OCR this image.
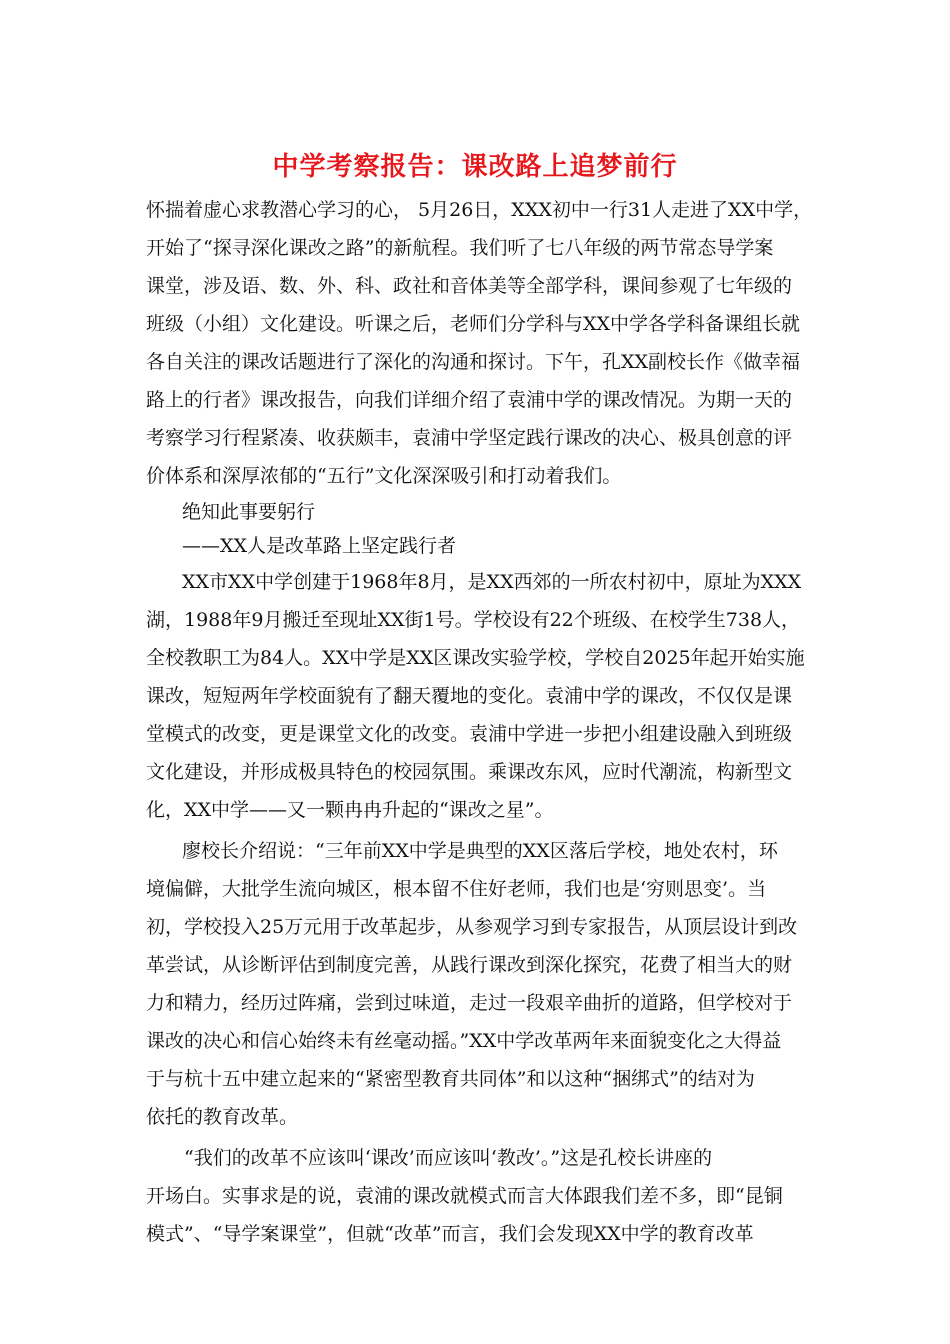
中学考察报告：课改路上追梦前行
怀揣着虚心求教潜心学习的心， 5月26日，XXX初中一行31人走进了XX中学，
开始了“探寻深化课改之路”的新航程。我们听了七八年级的两节常态导学案
课堂，涉及语、数、外、科、政社和音体美等全部学科，课间参观了七年级的
班级（小组）文化建设。听课之后，老师们分学科与XX中学各学科备课组长就
各自关注的课改话题进行了深化的沟通和探讨。下午，孔XX副校长作《做幸福
路上的行者》课改报告，向我们详细介绍了袁浦中学的课改情况。为期一天的
考察学习行程紧凑、收获颇丰，袁浦中学坚定践行课改的决心、极具创意的评
价体系和深厚浓郁的“五行”文化深深吸引和打动着我们。
绝知此事要躬行
——XX人是改革路上坚定践行者
XX市XX中学创建于1968年8月，是XX西郊的一所农村初中，原址为XXX
湖，1988年9月搬迁至现址XX街1号。学校设有22个班级、在校学生738人，
全校教职工为84人。XX中学是XX区课改实验学校，学校自2025年起开始实施
课改，短短两年学校面貌有了翻天覆地的变化。袁浦中学的课改，不仅仅是课
堂模式的改变，更是课堂文化的改变。袁浦中学进一步把小组建设融入到班级
文化建设，并形成极具特色的校园氛围。乘课改东风，应时代潮流，构新型文
化，XX中学——又一颗冉冉升起的“课改之星”。
廖校长介绍说：“三年前XX中学是典型的XX区落后学校，地处农村，环
境偏僻，大批学生流向城区，根本留不住好老师，我们也是‘穷则思变’。当
初，学校投入25万元用于改革起步，从参观学习到专家报告，从顶层设计到改
革尝试，从诊断评估到制度完善，从践行课改到深化探究，花费了相当大的财
力和精力，经历过阵痛，尝到过味道，走过一段艰辛曲折的道路，但学校对于
课改的决心和信心始终未有丝毫动摇。”XX中学改革两年来面貌变化之大得益
于与杭十五中建立起来的“紧密型教育共同体”和以这种“捆绑式”的结对为
依托的教育改革。
“我们的改革不应该叫‘课改’而应该叫‘教改’。”这是孔校长讲座的
开场白。实事求是的说，袁浦的课改就模式而言大体跟我们差不多，即“昆铜
模式”、“导学案课堂”，但就“改革”而言，我们会发现XX中学的教育改革
